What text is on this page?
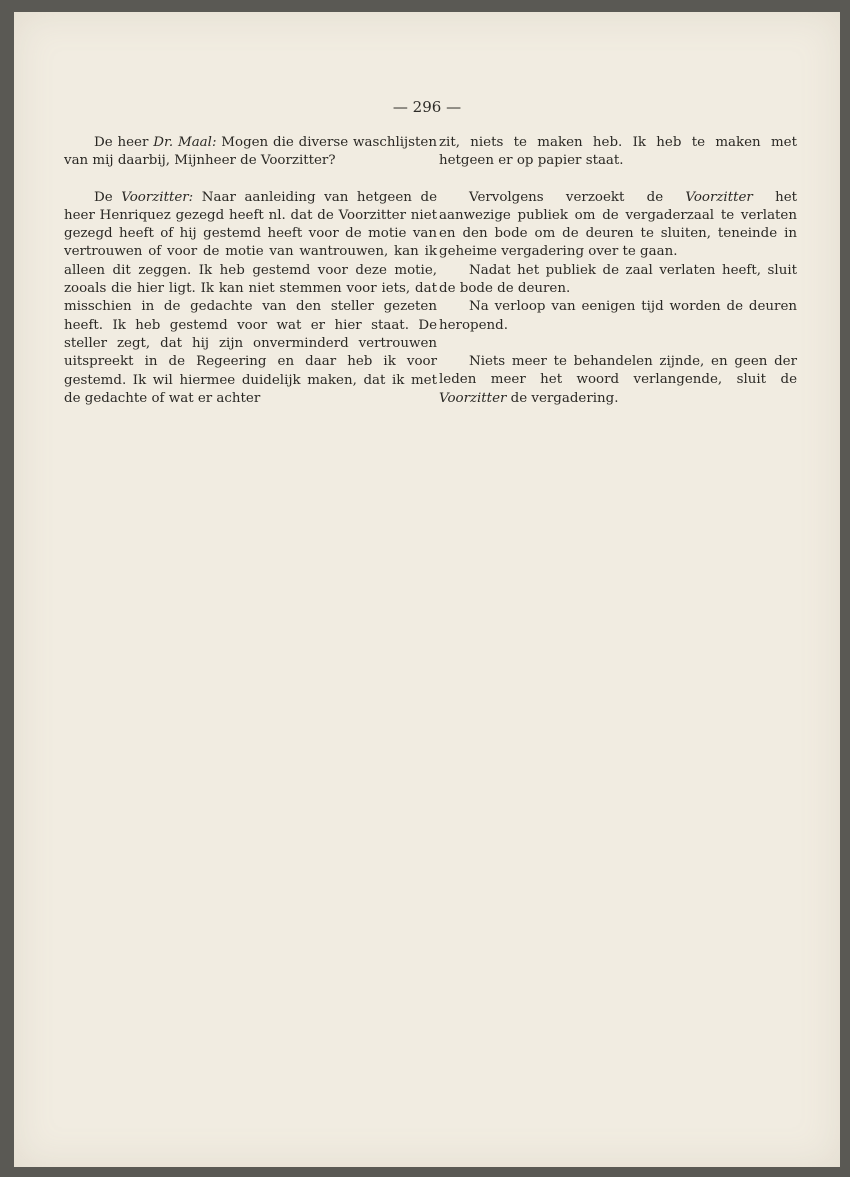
— 296 —

De heer Dr. Maal: Mogen die diverse waschlijsten van mij daarbij, Mijnheer de Voorzitter?

De Voorzitter: Naar aanleiding van hetgeen de heer Henriquez gezegd heeft nl. dat de Voorzitter niet gezegd heeft of hij gestemd heeft voor de motie van vertrouwen of voor de motie van wantrouwen, kan ik alleen dit zeggen. Ik heb gestemd voor deze motie, zooals die hier ligt. Ik kan niet stemmen voor iets, dat misschien in de gedachte van den steller gezeten heeft. Ik heb gestemd voor wat er hier staat. De steller zegt, dat hij zijn onverminderd vertrouwen uitspreekt in de Regeering en daar heb ik voor gestemd. Ik wil hiermee duidelijk maken, dat ik met de gedachte of wat er achter

zit, niets te maken heb. Ik heb te maken met hetgeen er op papier staat.

Vervolgens verzoekt de Voorzitter het aanwezige publiek om de vergaderzaal te verlaten en den bode om de deuren te sluiten, teneinde in geheime vergadering over te gaan.

Nadat het publiek de zaal verlaten heeft, sluit de bode de deuren.

Na verloop van eenigen tijd worden de deuren heropend.

Niets meer te behandelen zijnde, en geen der leden meer het woord verlangende, sluit de Voorzitter de vergadering.
